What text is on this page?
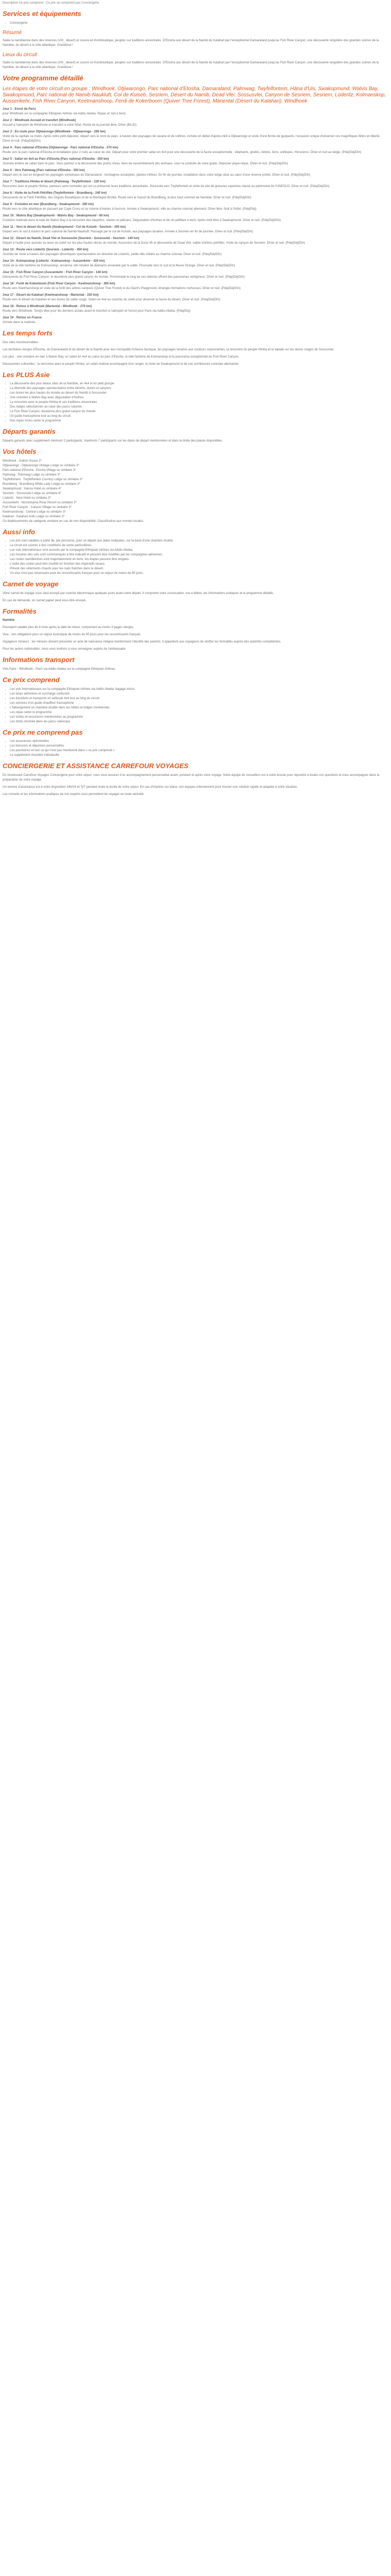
Description Ce prix comprend : Ce prix ne comprend pas Conciergerie
Services et équipements
• Conciergerie
Résumé

Salée la namibienne dans des réserves (VIII_ désert) et couvre en Kombinatique, peuples sur traditions ancestrales. D'Etosha aux désert de la Namib du Kalahari par l'exceptionnel Damaraland jusqu'au Fish River Canyon, une découverte singulière des grandes scènes de la Namibie, du désert à la côte atlantique. Grandiose !

Lieux du circuit

Salée la namibienne dans des réserves (VIII_ désert) et couvre en Kombinatique, peuples sur traditions ancestrales. D'Etosha aux désert de la Namib du Kalahari par l'exceptionnel Damaraland jusqu'au Fish River Canyon, une découverte singulière des grandes scènes de la Namibie, du désert à la côte atlantique. Grandiose !

Votre programme détaillé
Les étapes de votre circuit en groupe : Windhoek, Otjiwarongo, Parc national d'Etosha, Damaraland, Palmwag, Twyfelfontein, Häna d'Uis, Swakopmund, Walvis Bay, Swakopmund, Parc national de Namib-Naukluft, Col de Kuiseb, Sesriem, Désert du Namib, Dead Vlei, Sossusvlei, Canyon de Sesriem, Sesriem, Lüderitz, Kolmanskop, Aussenkehr, Fish River Canyon, Keetmanshoop, Ferdi de Kokerboom (Quiver Tree Forest), Mariental (Désert du Kalahari), Windhoek
Jour 1 : Envol de Paris

pour Windhoek sur la compagnie Ethiopian Airlines via Addis-Abeba. Repas et nuit à bord.

Jour 2 : Windhoek Accueil et transfert (Windhoek)

Accueil à l'aéroport de Windhoek et transfert à votre hôtel. Reste de la journée libre. Dîner (B/L/D).

Jour 3 : En route pour Otjiwarongo (Windhoek - Otjiwarongo - 290 km)

Visite de la capitale ce matin. Après votre petit déjeuner, départ vers le nord du pays, à travers des paysages de savane et de collines. Arrivée en début d'après-midi à Otjiwarongo et visite d'une ferme de guépards, l'occasion unique d'observer ces magnifiques félins en liberté. Dîner et nuit. (Pdej/Déj/Dîn)

Jour 4 : Parc national d'Etosha (Otjiwarongo - Parc national d'Etosha - 270 km)

Route vers le parc national d'Etosha et installation pour 2 nuits au cœur du site. Départ pour votre premier safari en 4x4 pour une découverte de la faune exceptionnelle : éléphants, girafes, zèbres, lions, antilopes, rhinocéros. Dîner et nuit au lodge. (Pdej/Déj/Dîn)

Jour 5 : Safari en 4x4 au Parc d'Etosha (Parc national d'Etosha - 200 km)

Journée entière de safari dans le parc. Vous partirez à la découverte des points d'eau, lieux de rassemblement des animaux, sous la conduite de votre guide. Déjeuner pique-nique. Dîner et nuit. (Pdej/Déj/Dîn)

Jour 6 : Vers Palmwag (Parc national d'Etosha - 300 km)

Départ vers le sud en longeant les paysages somptueux du Damaraland : montagnes escarpées, plaines infinies. En fin de journée, installation dans votre lodge situé au cœur d'une réserve privée. Dîner et nuit. (Pdej/Déj/Dîn)

Jour 7 : Traditions Himba et désert (Palmwag - Twyfelfontein - 220 km)

Rencontre avec le peuple Himba, pasteurs semi-nomades qui ont su préserver leurs traditions ancestrales. Poursuite vers Twyfelfontein et visite du site de gravures rupestres classé au patrimoine de l'UNESCO. Dîner et nuit. (Pdej/Déj/Dîn)

Jour 8 : Visite de la Forêt Pétrifiée (Twyfelfontein - Brandberg - 240 km)

Découverte de la Forêt Pétrifiée, des Orgues Basaltiques et de la Montagne Brûlée. Route vers le massif du Brandberg, le plus haut sommet de Namibie. Dîner et nuit. (Pdej/Déj/Dîn)

Jour 9 : Croisière en mer (Brandberg - Swakopmund - 300 km)

Route vers la côte atlantique en passant par Cape Cross et sa colonie d'otaries à fourrure. Arrivée à Swakopmund, ville au charme colonial allemand. Dîner libre. Nuit à l'hôtel. (Pdej/Déj)

Jour 10 : Walvis Bay (Swakopmund - Walvis Bay - Swakopmund - 60 km)

Croisière matinale dans la baie de Walvis Bay à la rencontre des dauphins, otaries et pélicans. Dégustation d'huîtres et de vin pétillant à bord. Après-midi libre à Swakopmund. Dîner et nuit. (Pdej/Déj/Dîn)

Jour 11 : Vers le désert du Namib (Swakopmund - Col de Kuiseb - Sesriem - 350 km)

Départ vers le sud à travers le parc national de Namib-Naukluft. Passage par le col de Kuiseb, aux paysages lunaires. Arrivée à Sesriem en fin de journée. Dîner et nuit. (Pdej/Déj/Dîn)

Jour 12 : Désert du Namib, Dead Vlei et Sossusvlei (Sesriem - Sossusvlei - Sesriem - 140 km)

Départ à l'aube pour assister au lever du soleil sur les plus hautes dunes du monde. Ascension de la Dune 45 et découverte de Dead Vlei, vallée d'arbres pétrifiés. Visite du canyon de Sesriem. Dîner et nuit. (Pdej/Déj/Dîn)

Jour 13 : Route vers Lüderitz (Sesriem - Lüderitz - 450 km)

Journée de route à travers des paysages désertiques spectaculaires en direction de Lüderitz, petite ville côtière au charme colonial. Dîner et nuit. (Pdej/Déj/Dîn)

Jour 14 : Kolmanskop (Lüderitz - Kolmanskop - Aussenkehr - 420 km)

Visite de la ville fantôme de Kolmanskop, ancienne cité minière de diamants ensevelie par le sable. Poursuite vers le sud et le fleuve Orange. Dîner et nuit. (Pdej/Déj/Dîn)

Jour 15 : Fish River Canyon (Aussenkehr - Fish River Canyon - 140 km)

Découverte du Fish River Canyon, le deuxième plus grand canyon du monde. Promenade le long de ses rebords offrant des panoramas vertigineux. Dîner et nuit. (Pdej/Déj/Dîn)

Jour 16 : Forêt de Kokerboom (Fish River Canyon - Keetmanshoop - 300 km)

Route vers Keetmanshoop et visite de la forêt des arbres carquois (Quiver Tree Forest) et du Giant's Playground, étranges formations rocheuses. Dîner et nuit. (Pdej/Déj/Dîn)

Jour 17 : Désert du Kalahari (Keetmanshoop - Mariental - 230 km)

Route vers le désert du Kalahari et ses dunes de sable rouge. Safari en 4x4 au coucher du soleil pour observer la faune du désert. Dîner et nuit. (Pdej/Déj/Dîn)

Jour 18 : Retour à Windhoek (Mariental - Windhoek - 270 km)

Route vers Windhoek. Temps libre pour les derniers achats avant le transfert à l'aéroport et l'envol pour Paris via Addis-Abeba. (Pdej/Déj)

Jour 19 : Retour en France

Arrivée dans la matinée.

Les temps forts

Des sites incontournables :

Les territoires vierges d'Etosha, du Damaraland et du désert de la Namib avec leur incroyable richesse faunique, les paysages lunaires aux couleurs surprenantes, la rencontre du peuple Himba et la balade sur les dunes rouges de Sossusvlei.

Les plus : une croisière en mer à Walvis Bay, un safari en 4x4 au cœur du parc d'Etosha, la ville fantôme de Kolmanskop et le panorama exceptionnel du Fish River Canyon.

Découvertes culturelles : la rencontre avec le peuple Himba, un safari matinal accompagné d'un ranger, la visite de Swakopmund et de son architecture coloniale allemande.

Les PLUS Asie
• La découverte des plus beaux sites de la Namibie, en 4x4 et en petit groupe
• La diversité des paysages spectaculaires entre déserts, dunes et canyons
• Les dunes les plus hautes du monde au désert du Namib à Sossusvlei
• Une croisière à Walvis Bay avec dégustation d'huîtres
• La rencontre avec le peuple Himba et ses traditions ancestrales
• Des lodges sélectionnés au cœur des parcs naturels
• Le Fish River Canyon, deuxième plus grand canyon du monde
• Un guide francophone tout au long du circuit
• Des repas inclus selon le programme
Départs garantis

Départs garantis avec supplément minimum 2 participants, maximum 7 participants sur les dates de départ mentionnées et dans la limite des places disponibles.

Vos hôtels
Windhoek : Galton House 3*
Otjiwarongo : Otjiwarongo Vintage Lodge ou similaire 3*
Parc national d'Etosha : Etosha Village ou similaire 3*
Palmwag : Palmwag Lodge ou similaire 3*
Twyfelfontein : Twyfelfontein Country Lodge ou similaire 3*
Brandberg : Brandberg White Lady Lodge ou similaire 3*
Swakopmund : Hansa Hotel ou similaire 4*
Sesriem : Sossusvlei Lodge ou similaire 4*
Lüderitz : Nest Hotel ou similaire 3*
Aussenkehr : Norotshama River Resort ou similaire 3*
Fish River Canyon : Canyon Village ou similaire 3*
Keetmanshoop : Central Lodge ou similaire 3*
Kalahari : Kalahari Anib Lodge ou similaire 3*

Ou établissements de catégorie similaire en cas de non disponibilité. Classification aux normes locales.

Aussi info
• Les prix sont valables à partir de, par personne, pour un départ aux dates indiquées, sur la base d'une chambre double.
• Le circuit est soumis à des conditions de vente particulières.
• Les vols internationaux sont assurés par la compagnie Ethiopian Airlines via Addis-Abeba.
• Les horaires des vols sont communiqués à titre indicatif et peuvent être modifiés par les compagnies aériennes.
• Les routes namibiennes sont majoritairement en terre, les étapes peuvent être longues.
• L'ordre des visites peut être modifié en fonction des impératifs locaux.
• Prévoir des vêtements chauds pour les nuits fraîches dans le désert.
• Un visa n'est pas nécessaire pour les ressortissants français pour un séjour de moins de 90 jours.
Carnet de voyage

Votre carnet de voyage vous sera envoyé par courrier électronique quelques jours avant votre départ. Il comprend votre convocation, vos e-billets, les informations pratiques et le programme détaillé.

En cas de demande, un carnet papier peut vous être envoyé.

Formalités

Namibie

Passeport valable plus de 6 mois après la date de retour, comportant au moins 3 pages vierges.

Visa : non obligatoire pour un séjour touristique de moins de 90 jours pour les ressortissants français.

Voyageurs mineurs : les mineurs doivent présenter un acte de naissance intégral mentionnant l'identité des parents. Il appartient aux voyageurs de vérifier les formalités auprès des autorités compétentes.

Pour les autres nationalités, nous vous invitons à vous renseigner auprès de l'ambassade.

Informations transport

Vols Paris - Windhoek - Paris via Addis-Abeba sur la compagnie Ethiopian Airlines.

Ce prix comprend
• Les vols internationaux sur la compagnie Ethiopian Airlines via Addis-Abeba, bagage inclus
• Les taxes aériennes et surcharge carburant
• Les transferts et transports en véhicule 4x4 tout au long du circuit
• Les services d'un guide chauffeur francophone
• L'hébergement en chambre double dans les hôtels et lodges mentionnés
• Les repas selon le programme
• Les visites et excursions mentionnées au programme
• Les droits d'entrée dans les parcs nationaux
Ce prix ne comprend pas
• Les assurances optionnelles
• Les boissons et dépenses personnelles
• Les pourboires et tout ce qui n'est pas mentionné dans « ce prix comprend »
• Le supplément chambre individuelle
CONCIERGERIE ET ASSISTANCE CARREFOUR VOYAGES

En choisissant Carrefour Voyages Conciergerie pour votre séjour, vous vous assurez d'un accompagnement personnalisé avant, pendant et après votre voyage. Notre équipe de conseillers est à votre écoute pour répondre à toutes vos questions et vous accompagner dans la préparation de votre voyage.

Un service d'assistance est à votre disposition 24h/24 et 7j/7 pendant toute la durée de votre séjour. En cas d'imprévu sur place, nos équipes interviennent pour trouver une solution rapide et adaptée à votre situation.

Les conseils et les informations pratiques de nos experts vous permettent de voyager en toute sérénité.
